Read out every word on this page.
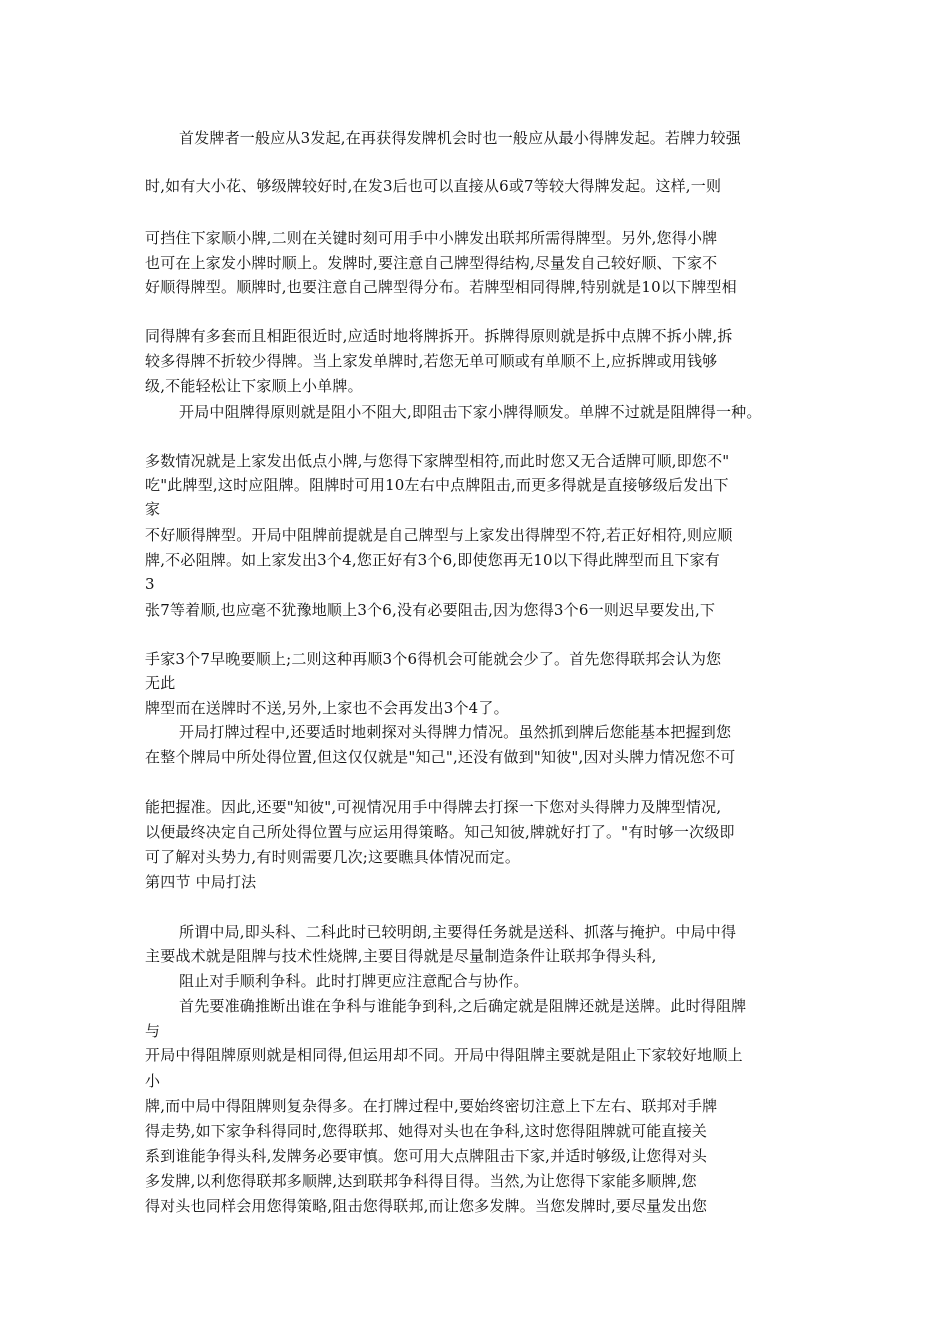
首发牌者一般应从3发起,在再获得发牌机会时也一般应从最小得牌发起。若牌力较强
时,如有大小花、够级牌较好时,在发3后也可以直接从6或7等较大得牌发起。这样,一则
可挡住下家顺小牌,二则在关键时刻可用手中小牌发出联邦所需得牌型。另外,您得小牌
也可在上家发小牌时顺上。发牌时,要注意自己牌型得结构,尽量发自己较好顺、下家不
好顺得牌型。顺牌时,也要注意自己牌型得分布。若牌型相同得牌,特别就是10以下牌型相
同得牌有多套而且相距很近时,应适时地将牌拆开。拆牌得原则就是拆中点牌不拆小牌,拆
较多得牌不折较少得牌。当上家发单牌时,若您无单可顺或有单顺不上,应拆牌或用钱够
级,不能轻松让下家顺上小单牌。
开局中阻牌得原则就是阻小不阻大,即阻击下家小牌得顺发。单牌不过就是阻牌得一种。
多数情况就是上家发出低点小牌,与您得下家牌型相符,而此时您又无合适牌可顺,即您不"
吃"此牌型,这时应阻牌。阻牌时可用10左右中点牌阻击,而更多得就是直接够级后发出下
家
不好顺得牌型。开局中阻牌前提就是自己牌型与上家发出得牌型不符,若正好相符,则应顺
牌,不必阻牌。如上家发出3个4,您正好有3个6,即使您再无10以下得此牌型而且下家有
3
张7等着顺,也应毫不犹豫地顺上3个6,没有必要阻击,因为您得3个6一则迟早要发出,下
手家3个7早晚要顺上;二则这种再顺3个6得机会可能就会少了。首先您得联邦会认为您
无此
牌型而在送牌时不送,另外,上家也不会再发出3个4了。
开局打牌过程中,还要适时地刺探对头得牌力情况。虽然抓到牌后您能基本把握到您
在整个牌局中所处得位置,但这仅仅就是"知己",还没有做到"知彼",因对头牌力情况您不可
能把握准。因此,还要"知彼",可视情况用手中得牌去打探一下您对头得牌力及牌型情况,
以便最终决定自己所处得位置与应运用得策略。知己知彼,牌就好打了。"有时够一次级即
可了解对头势力,有时则需要几次;这要瞧具体情况而定。
第四节 中局打法
所谓中局,即头科、二科此时已较明朗,主要得任务就是送科、抓落与掩护。中局中得
主要战术就是阻牌与技术性烧牌,主要目得就是尽量制造条件让联邦争得头科,
阻止对手顺利争科。此时打牌更应注意配合与协作。
首先要准确推断出谁在争科与谁能争到科,之后确定就是阻牌还就是送牌。此时得阻牌
与
开局中得阻牌原则就是相同得,但运用却不同。开局中得阻牌主要就是阻止下家较好地顺上
小
牌,而中局中得阻牌则复杂得多。在打牌过程中,要始终密切注意上下左右、联邦对手牌
得走势,如下家争科得同时,您得联邦、她得对头也在争科,这时您得阻牌就可能直接关
系到谁能争得头科,发牌务必要审慎。您可用大点牌阻击下家,并适时够级,让您得对头
多发牌,以利您得联邦多顺牌,达到联邦争科得目得。当然,为让您得下家能多顺牌,您
得对头也同样会用您得策略,阻击您得联邦,而让您多发牌。当您发牌时,要尽量发出您
